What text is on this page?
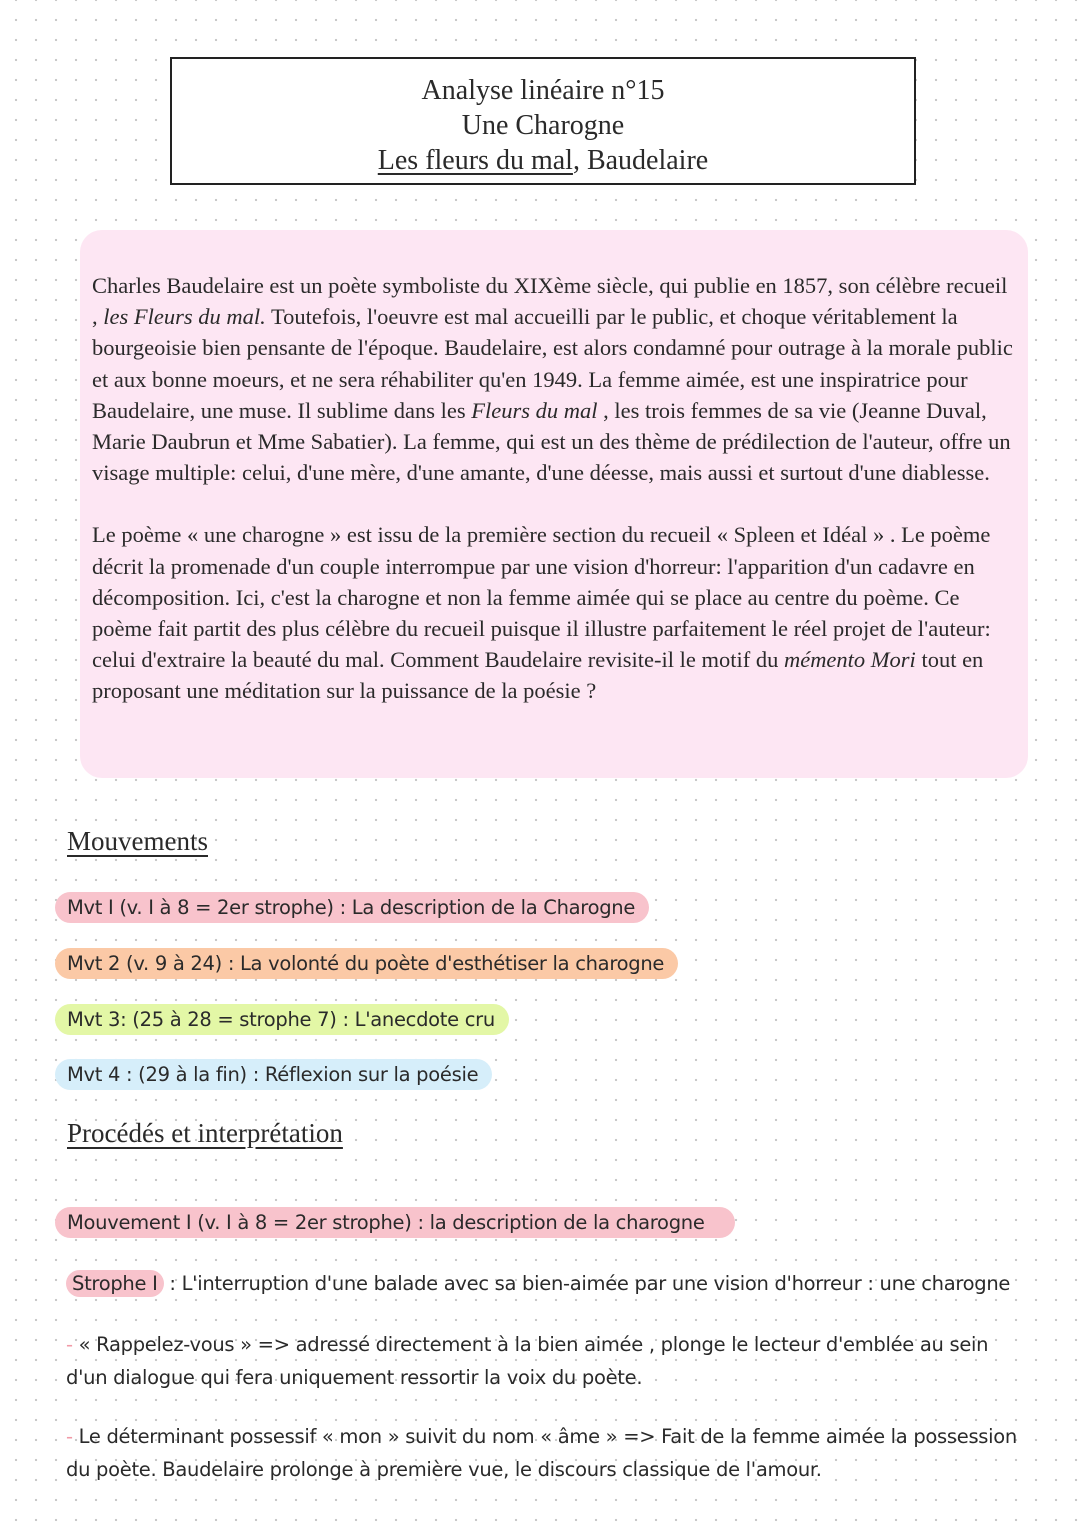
Analyse linéaire n°15
Une Charogne
Les fleurs du mal, Baudelaire

Charles Baudelaire est un poète symboliste du XIXème siècle, qui publie en 1857, son célèbre recueil , les Fleurs du mal. Toutefois, l'oeuvre est mal accueilli par le public, et choque véritablement la bourgeoisie bien pensante de l'époque. Baudelaire, est alors condamné pour outrage à la morale public et aux bonne moeurs, et ne sera réhabiliter qu'en 1949. La femme aimée, est une inspiratrice pour Baudelaire, une muse. Il sublime dans les Fleurs du mal , les trois femmes de sa vie (Jeanne Duval, Marie Daubrun et Mme Sabatier). La femme, qui est un des thème de prédilection de l'auteur, offre un visage multiple: celui, d'une mère, d'une amante, d'une déesse, mais aussi et surtout d'une diablesse.

Le poème « une charogne » est issu de la première section du recueil « Spleen et Idéal » . Le poème décrit la promenade d'un couple interrompue par une vision d'horreur: l'apparition d'un cadavre en décomposition. Ici, c'est la charogne et non la femme aimée qui se place au centre du poème. Ce poème fait partit des plus célèbre du recueil puisque il illustre parfaitement le réel projet de l'auteur: celui d'extraire la beauté du mal. Comment Baudelaire revisite-il le motif du mémento Mori tout en proposant une méditation sur la puissance de la poésie ?

Mouvements
Mvt I (v. I à 8 = 2er strophe) : La description de la Charogne
Mvt 2 (v. 9 à 24) : La volonté du poète d'esthétiser la charogne
Mvt 3: (25 à 28 = strophe 7) : L'anecdote cru
Mvt 4 : (29 à la fin) : Réflexion sur la poésie
Procédés et interprétation
Mouvement I (v. I à 8 = 2er strophe) : la description de la charogne
Strophe I : L'interruption d'une balade avec sa bien-aimée par une vision d'horreur : une charogne
- « Rappelez-vous » => adressé directement à la bien aimée , plonge le lecteur d'emblée au sein d'un dialogue qui fera uniquement ressortir la voix du poète.
- Le déterminant possessif « mon » suivit du nom « âme » => Fait de la femme aimée la possession du poète. Baudelaire prolonge à première vue, le discours classique de l'amour.
